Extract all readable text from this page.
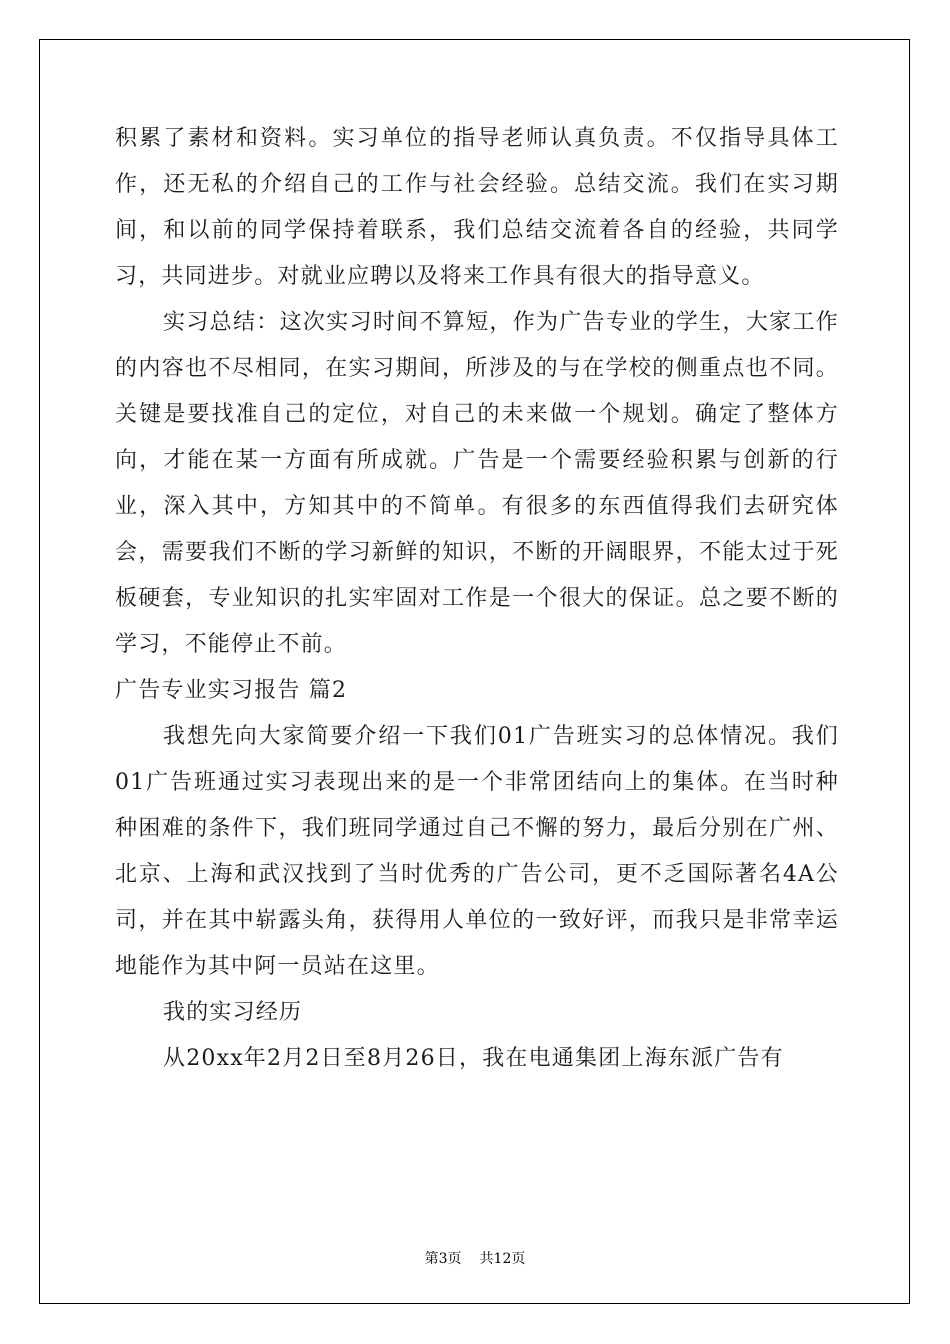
积累了素材和资料。实习单位的指导老师认真负责。不仅指导具体工作，还无私的介绍自己的工作与社会经验。总结交流。我们在实习期间，和以前的同学保持着联系，我们总结交流着各自的经验，共同学习，共同进步。对就业应聘以及将来工作具有很大的指导意义。

实习总结：这次实习时间不算短，作为广告专业的学生，大家工作的内容也不尽相同，在实习期间，所涉及的与在学校的侧重点也不同。关键是要找准自己的定位，对自己的未来做一个规划。确定了整体方向，才能在某一方面有所成就。广告是一个需要经验积累与创新的行业，深入其中，方知其中的不简单。有很多的东西值得我们去研究体会，需要我们不断的学习新鲜的知识，不断的开阔眼界，不能太过于死板硬套，专业知识的扎实牢固对工作是一个很大的保证。总之要不断的学习，不能停止不前。

广告专业实习报告 篇2

我想先向大家简要介绍一下我们01广告班实习的总体情况。我们01广告班通过实习表现出来的是一个非常团结向上的集体。在当时种种困难的条件下，我们班同学通过自己不懈的努力，最后分别在广州、北京、上海和武汉找到了当时优秀的广告公司，更不乏国际著名4A公司，并在其中崭露头角，获得用人单位的一致好评，而我只是非常幸运地能作为其中阿一员站在这里。

我的实习经历

从20xx年2月2日至8月26日，我在电通集团上海东派广告有

第3页 共12页
